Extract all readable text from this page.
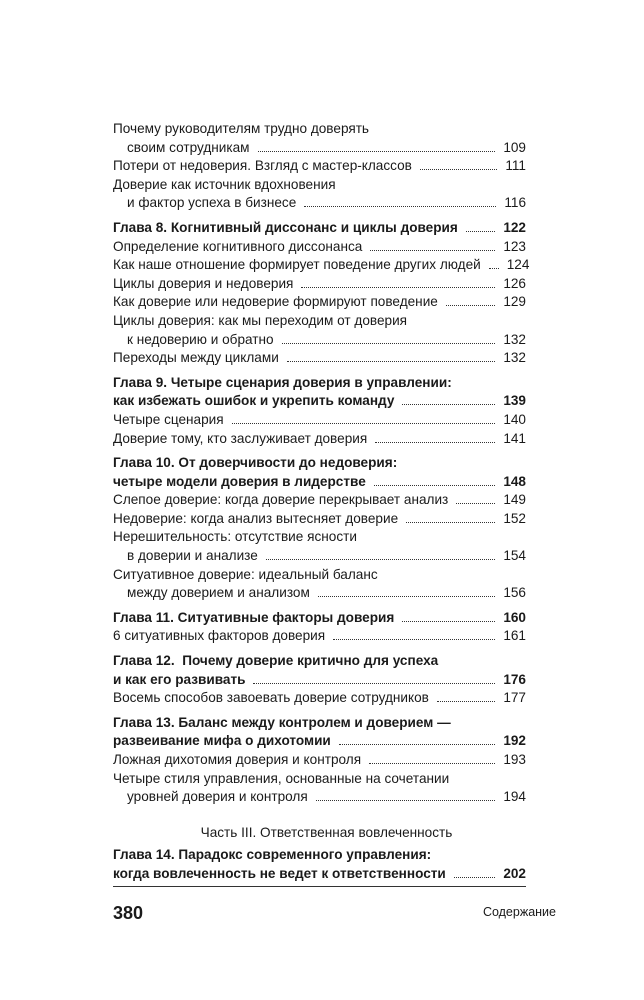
Почему руководителям трудно доверять
своим сотрудникам	109
Потери от недоверия. Взгляд с мастер-классов	111
Доверие как источник вдохновения
и фактор успеха в бизнесе	116
Глава 8. Когнитивный диссонанс и циклы доверия	122
Определение когнитивного диссонанса	123
Как наше отношение формирует поведение других людей	124
Циклы доверия и недоверия	126
Как доверие или недоверие формируют поведение	129
Циклы доверия: как мы переходим от доверия
к недоверию и обратно	132
Переходы между циклами	132
Глава 9. Четыре сценария доверия в управлении:
как избежать ошибок и укрепить команду	139
Четыре сценария	140
Доверие тому, кто заслуживает доверия	141
Глава 10. От доверчивости до недоверия:
четыре модели доверия в лидерстве	148
Слепое доверие: когда доверие перекрывает анализ	149
Недоверие: когда анализ вытесняет доверие	152
Нерешительность: отсутствие ясности
в доверии и анализе	154
Ситуативное доверие: идеальный баланс
между доверием и анализом	156
Глава 11. Ситуативные факторы доверия	160
6 ситуативных факторов доверия	161
Глава 12.  Почему доверие критично для успеха
и как его развивать	176
Восемь способов завоевать доверие сотрудников	177
Глава 13. Баланс между контролем и доверием —
развеивание мифа о дихотомии	192
Ложная дихотомия доверия и контроля	193
Четыре стиля управления, основанные на сочетании
уровней доверия и контроля	194
Часть III. Ответственная вовлеченность
Глава 14. Парадокс современного управления:
когда вовлеченность не ведет к ответственности	202
380	Содержание
